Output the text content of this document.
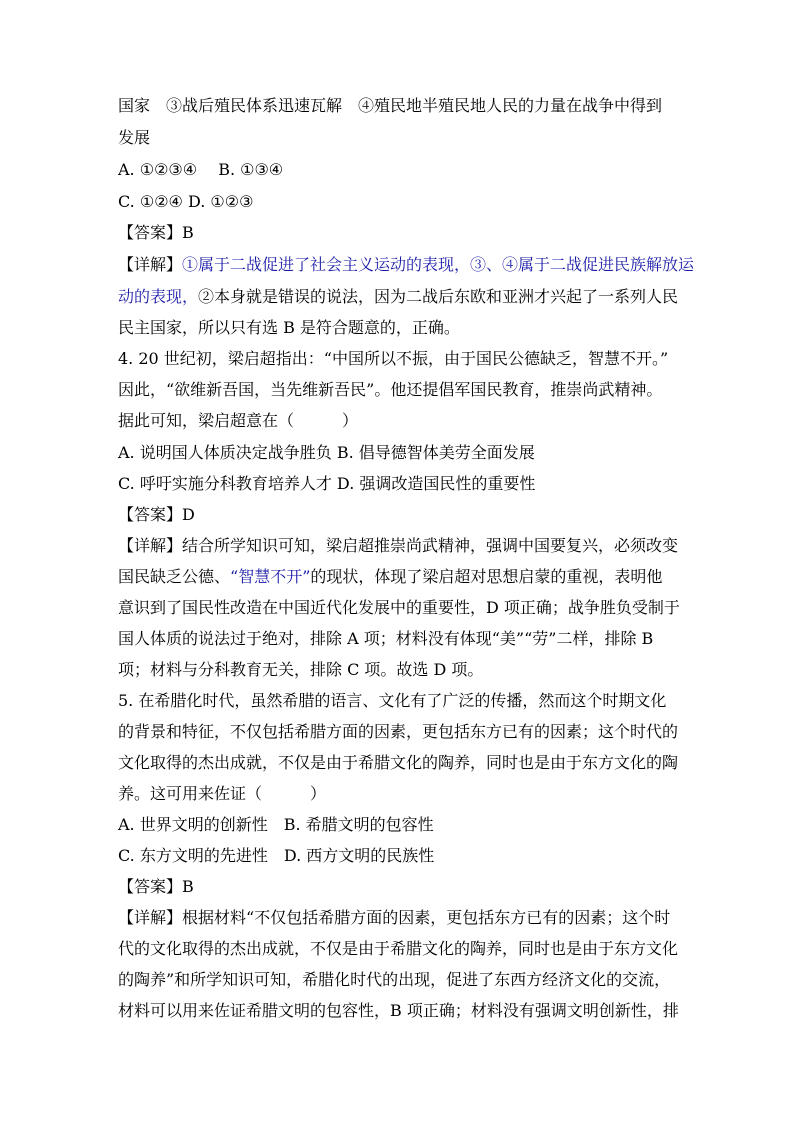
国家　③战后殖民体系迅速瓦解　④殖民地半殖民地人民的力量在战争中得到
发展
A. ①②③④　 B. ①③④
C. ①②④ D. ①②③
【答案】B
【详解】①属于二战促进了社会主义运动的表现，③、④属于二战促进民族解放运
动的表现，②本身就是错误的说法，因为二战后东欧和亚洲才兴起了一系列人民
民主国家，所以只有选 B 是符合题意的，正确。
4. 20 世纪初，梁启超指出：“中国所以不振，由于国民公德缺乏，智慧不开。”
因此，“欲维新吾国，当先维新吾民”。他还提倡军国民教育，推崇尚武精神。
据此可知，梁启超意在（　　　）
A. 说明国人体质决定战争胜负 B. 倡导德智体美劳全面发展
C. 呼吁实施分科教育培养人才 D. 强调改造国民性的重要性
【答案】D
【详解】结合所学知识可知，梁启超推崇尚武精神，强调中国要复兴，必须改变
国民缺乏公德、“智慧不开”的现状，体现了梁启超对思想启蒙的重视，表明他
意识到了国民性改造在中国近代化发展中的重要性，D 项正确；战争胜负受制于
国人体质的说法过于绝对，排除 A 项；材料没有体现“美”“劳”二样，排除 B
项；材料与分科教育无关，排除 C 项。故选 D 项。
5. 在希腊化时代，虽然希腊的语言、文化有了广泛的传播，然而这个时期文化
的背景和特征，不仅包括希腊方面的因素，更包括东方已有的因素；这个时代的
文化取得的杰出成就，不仅是由于希腊文化的陶养，同时也是由于东方文化的陶
养。这可用来佐证（　　　）
A. 世界文明的创新性　B. 希腊文明的包容性
C. 东方文明的先进性　D. 西方文明的民族性
【答案】B
【详解】根据材料“不仅包括希腊方面的因素，更包括东方已有的因素；这个时
代的文化取得的杰出成就，不仅是由于希腊文化的陶养，同时也是由于东方文化
的陶养”和所学知识可知，希腊化时代的出现，促进了东西方经济文化的交流，
材料可以用来佐证希腊文明的包容性，B 项正确；材料没有强调文明创新性，排
